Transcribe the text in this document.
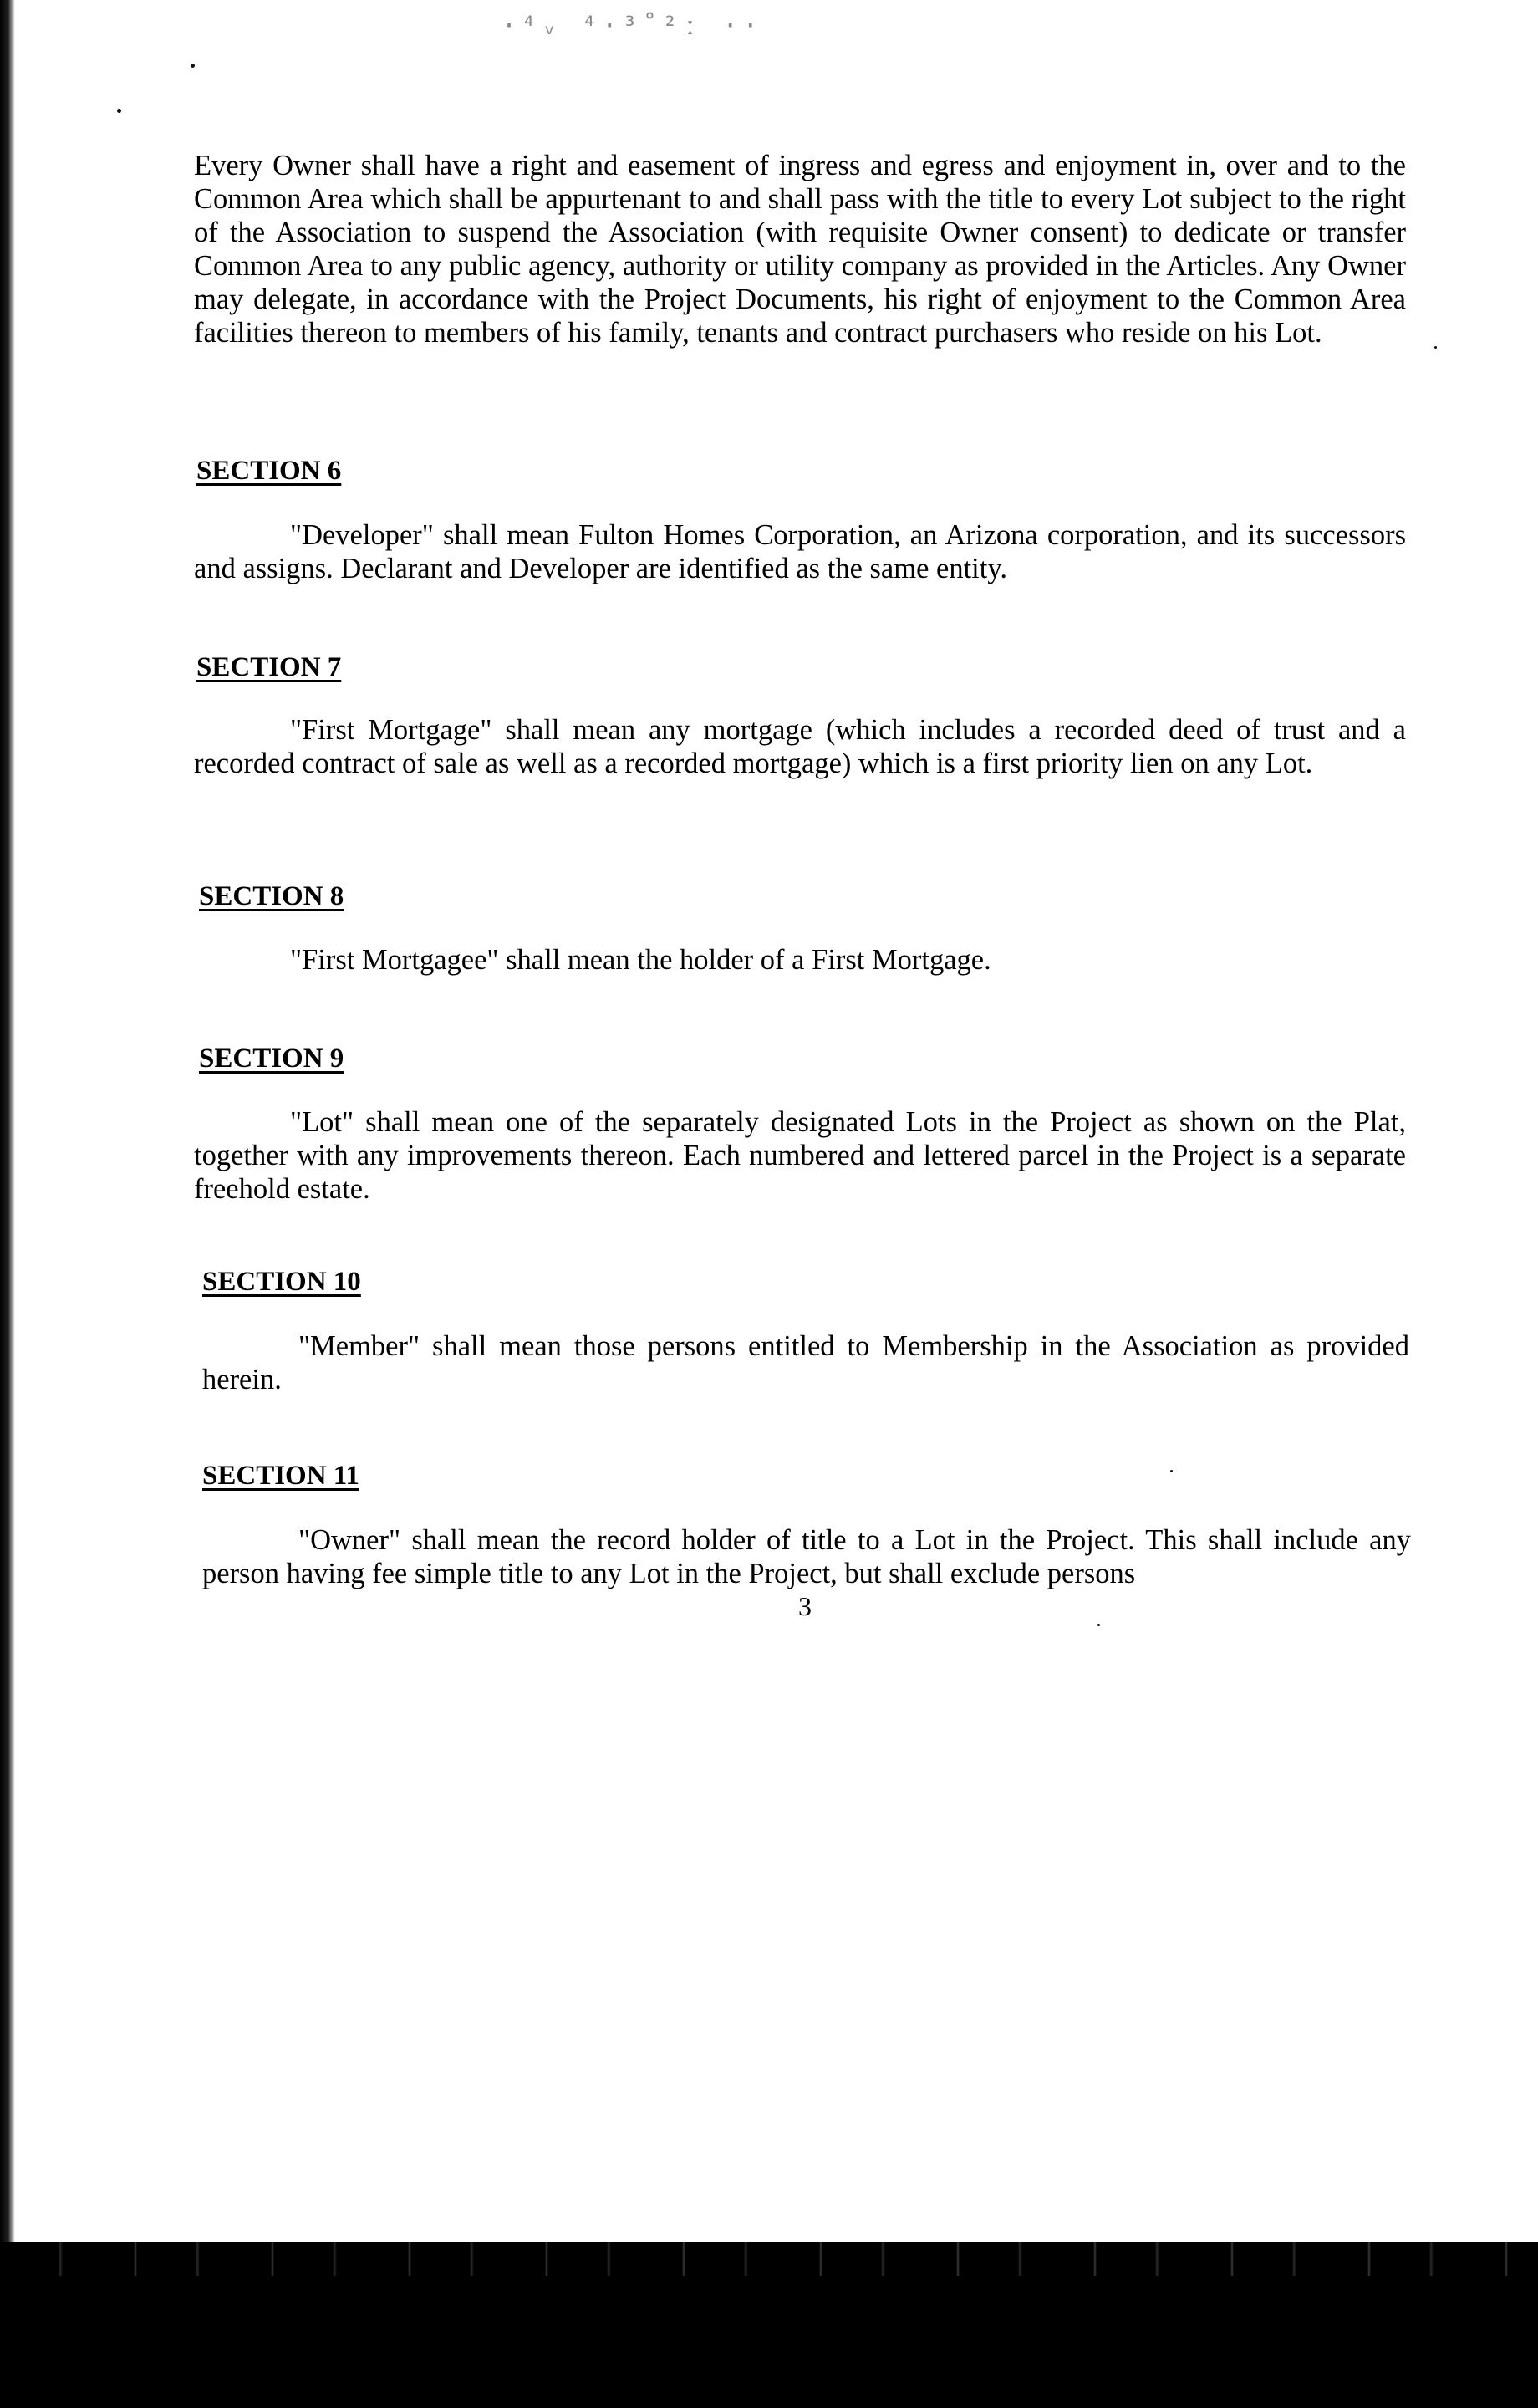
·⁴ᵥ ⁴·³˚²ː ··

Every Owner shall have a right and easement of ingress and egress and enjoyment in, over and to the Common Area which shall be appurtenant to and shall pass with the title to every Lot subject to the right of the Association to suspend the Association (with requisite Owner consent) to dedicate or transfer Common Area to any public agency, authority or utility company as provided in the Articles. Any Owner may delegate, in accordance with the Project Documents, his right of enjoyment to the Common Area facilities thereon to members of his family, tenants and contract purchasers who reside on his Lot.

SECTION 6

"Developer" shall mean Fulton Homes Corporation, an Arizona corporation, and its successors and assigns. Declarant and Developer are identified as the same entity.

SECTION 7

"First Mortgage" shall mean any mortgage (which includes a recorded deed of trust and a recorded contract of sale as well as a recorded mortgage) which is a first priority lien on any Lot.

SECTION 8

"First Mortgagee" shall mean the holder of a First Mortgage.

SECTION 9

"Lot" shall mean one of the separately designated Lots in the Project as shown on the Plat, together with any improvements thereon. Each numbered and lettered parcel in the Project is a separate freehold estate.

SECTION 10

"Member" shall mean those persons entitled to Membership in the Association as provided herein.

SECTION 11

"Owner" shall mean the record holder of title to a Lot in the Project. This shall include any person having fee simple title to any Lot in the Project, but shall exclude persons

3
